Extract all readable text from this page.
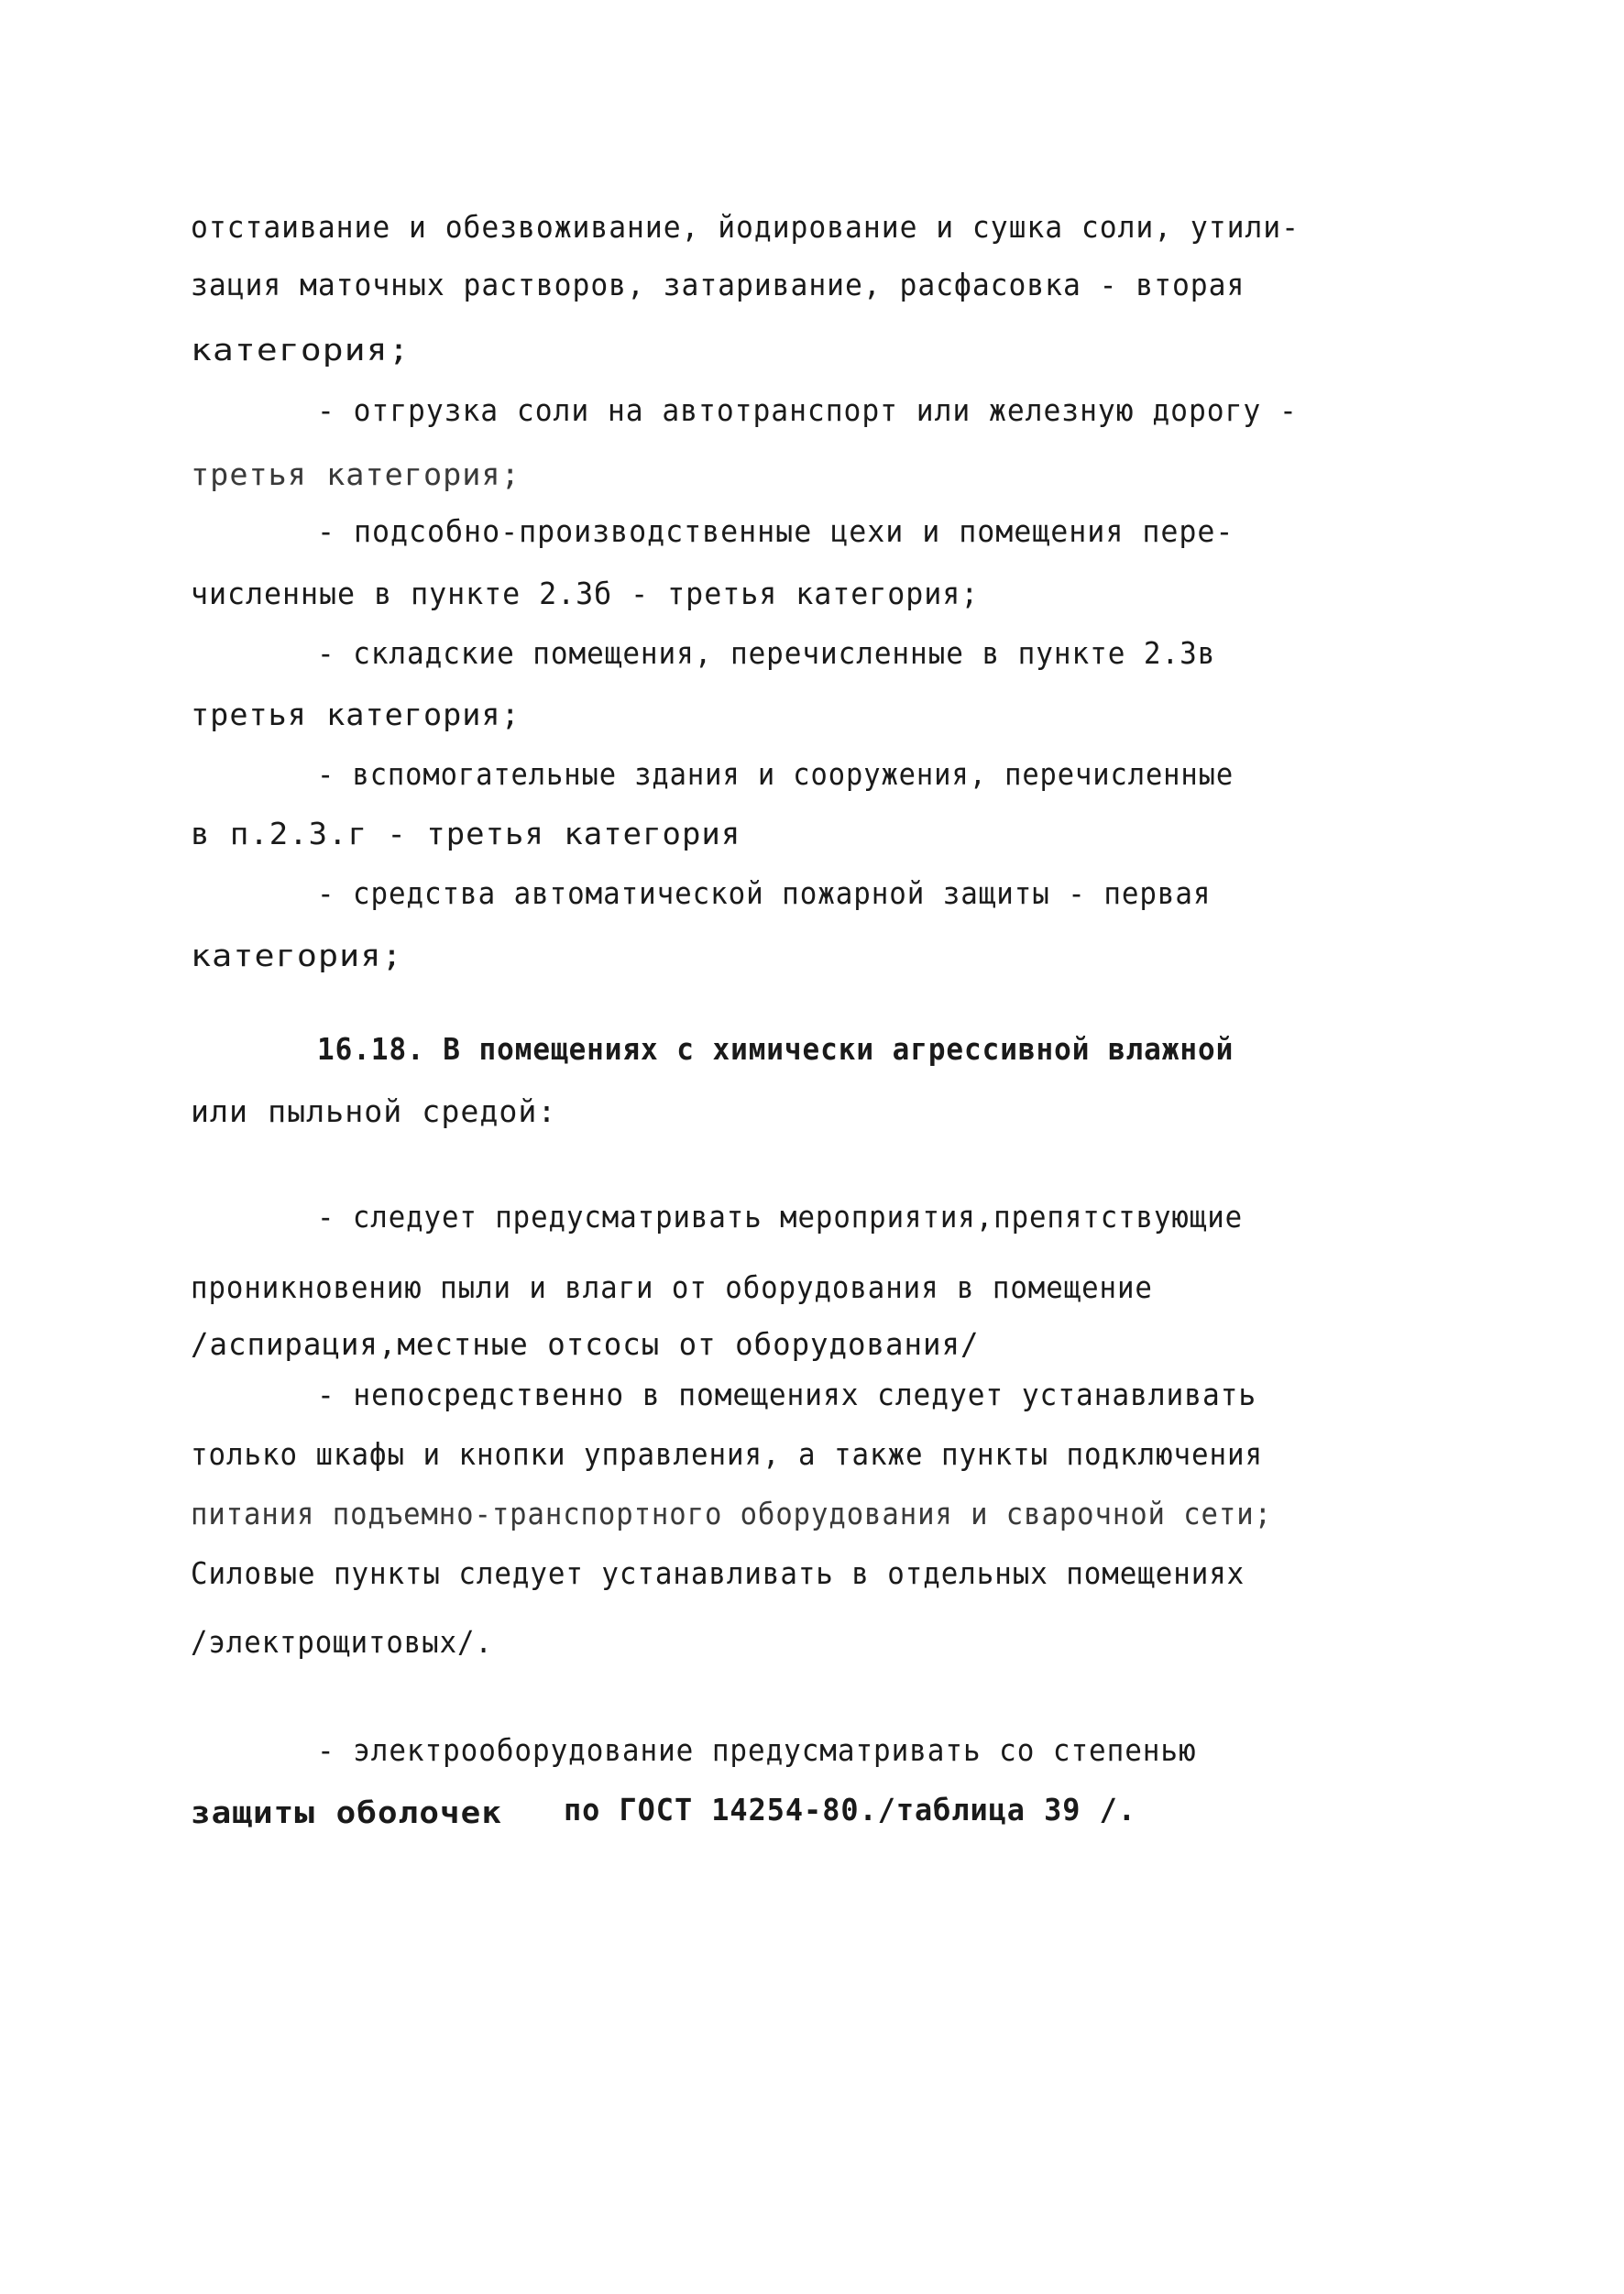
отстаивание и обезвоживание, йодирование и сушка соли, утили-
зация маточных растворов, затаривание, расфасовка - вторая
категория;
- отгрузка соли на автотранспорт или железную дорогу -
третья категория;
- подсобно-производственные цехи и помещения пере-
численные в пункте 2.3б - третья категория;
- складские помещения, перечисленные в пункте 2.3в
третья категория;
- вспомогательные здания и сооружения, перечисленные
в п.2.3.г - третья категория
- средства автоматической пожарной защиты - первая
категория;
16.18. В помещениях с химически агрессивной влажной
или пыльной средой:
- следует предусматривать мероприятия,препятствующие
проникновению пыли и влаги от оборудования в помещение
/аспирация,местные отсосы от оборудования/
- непосредственно в помещениях следует устанавливать
только шкафы и кнопки управления, а также пункты подключения
питания подъемно-транспортного оборудования и сварочной сети;
Силовые пункты следует устанавливать в отдельных помещениях
/электрощитовых/.
- электрооборудование предусматривать со степенью
защиты оболочек по ГОСТ 14254-80./таблица 39 /.
